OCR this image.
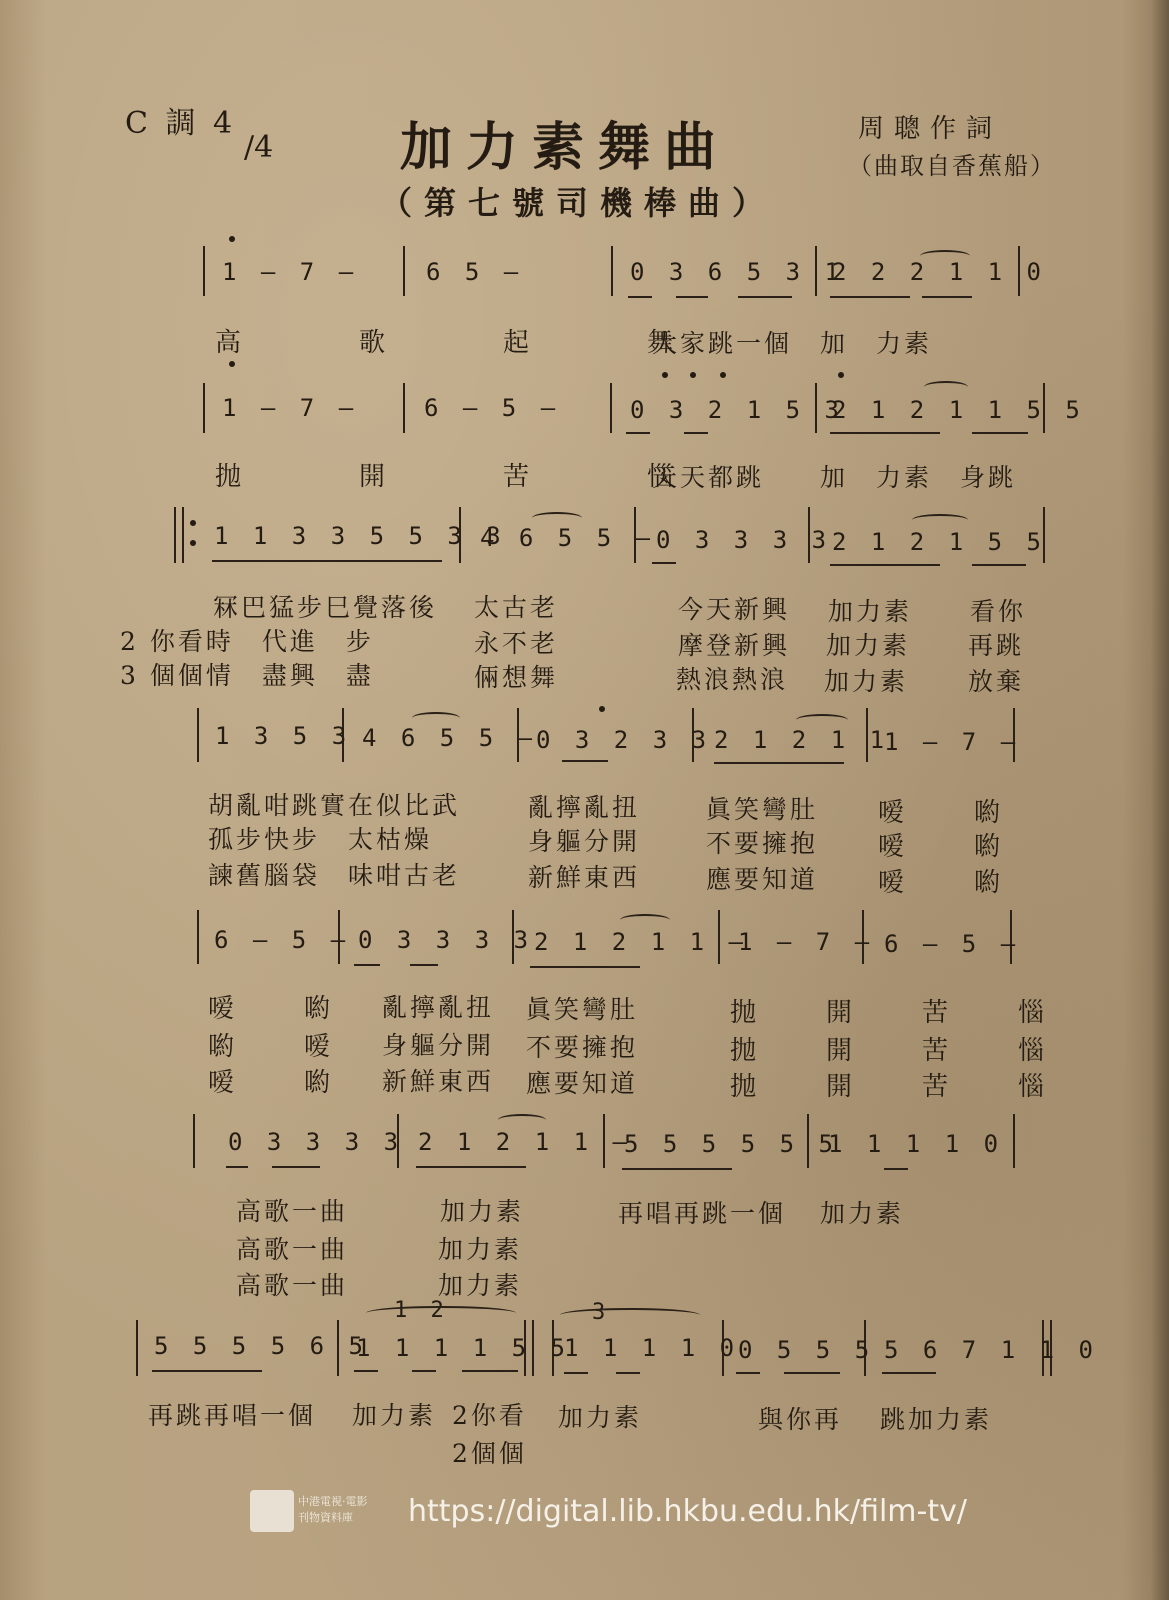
C 調 4
/4 加力素舞曲
（第七號司機棒曲）
周聰作詞
（曲取自香蕉船）
1 — 7 —	6 5 —	0 3 6 5 3 1
2 2 2 1 1 0
高　　歌　　起　　舞
大家跳一個　加　力素
1 — 7 —	6 — 5 —	0 3 2 1 5 3
2 1 2 1 1 5 5
抛　　開　　苦　　惱
天天都跳　　加　力素　身跳
1 1 3 3 5 5 3 3
4 6 5 5 — 0 3 3 3 3 2 1 2 1 5 5
冧巴猛步巳覺落後 太古老	今天新興 加力素 看你
2 你看時　代進　步	永不老	摩登新興 加力素 再跳
3 個個情　盡興　盡	倆想舞	熱浪熱浪 加力素 放棄
1 3 5 3 4 6 5 5 —
0 3 2 3 3 2 1 2 1 1
1 — 7 —
胡亂咁跳實在似比武	亂擰亂扭	眞笑彎肚 嗳　喲
孤步快步　太枯燥	身軀分開	不要擁抱 嗳　喲
諫舊腦袋　味咁古老	新鮮東西	應要知道 嗳　喲
6 — 5 — 0 3 3 3 3 2 1 2 1 1 —
1 — 7 — 6 — 5 —
嗳　喲 亂擰亂扭 眞笑彎肚	抛　開　苦　惱
喲　嗳 身軀分開 不要擁抱	抛　開　苦　惱
嗳　喲 新鮮東西 應要知道	抛　開　苦　惱
0 3 3 3 3 2 1 2 1 1 —
5 5 5 5 5 5
1 1 1 1 0
高歌一曲	加力素	再唱再跳一個 加力素
高歌一曲	加力素
高歌一曲	加力素
1 2	3
5 5 5 5 6 5
1 1 1 1 5 5
1 1 1 1 0
0 5 5 5 5 6 7 1 1 0
再跳再唱一個 加力素 2你看 加力素	與你再 跳加力素
2個個
中港電視·電影
刊物資料庫	https://digital.lib.hkbu.edu.hk/film-tv/
